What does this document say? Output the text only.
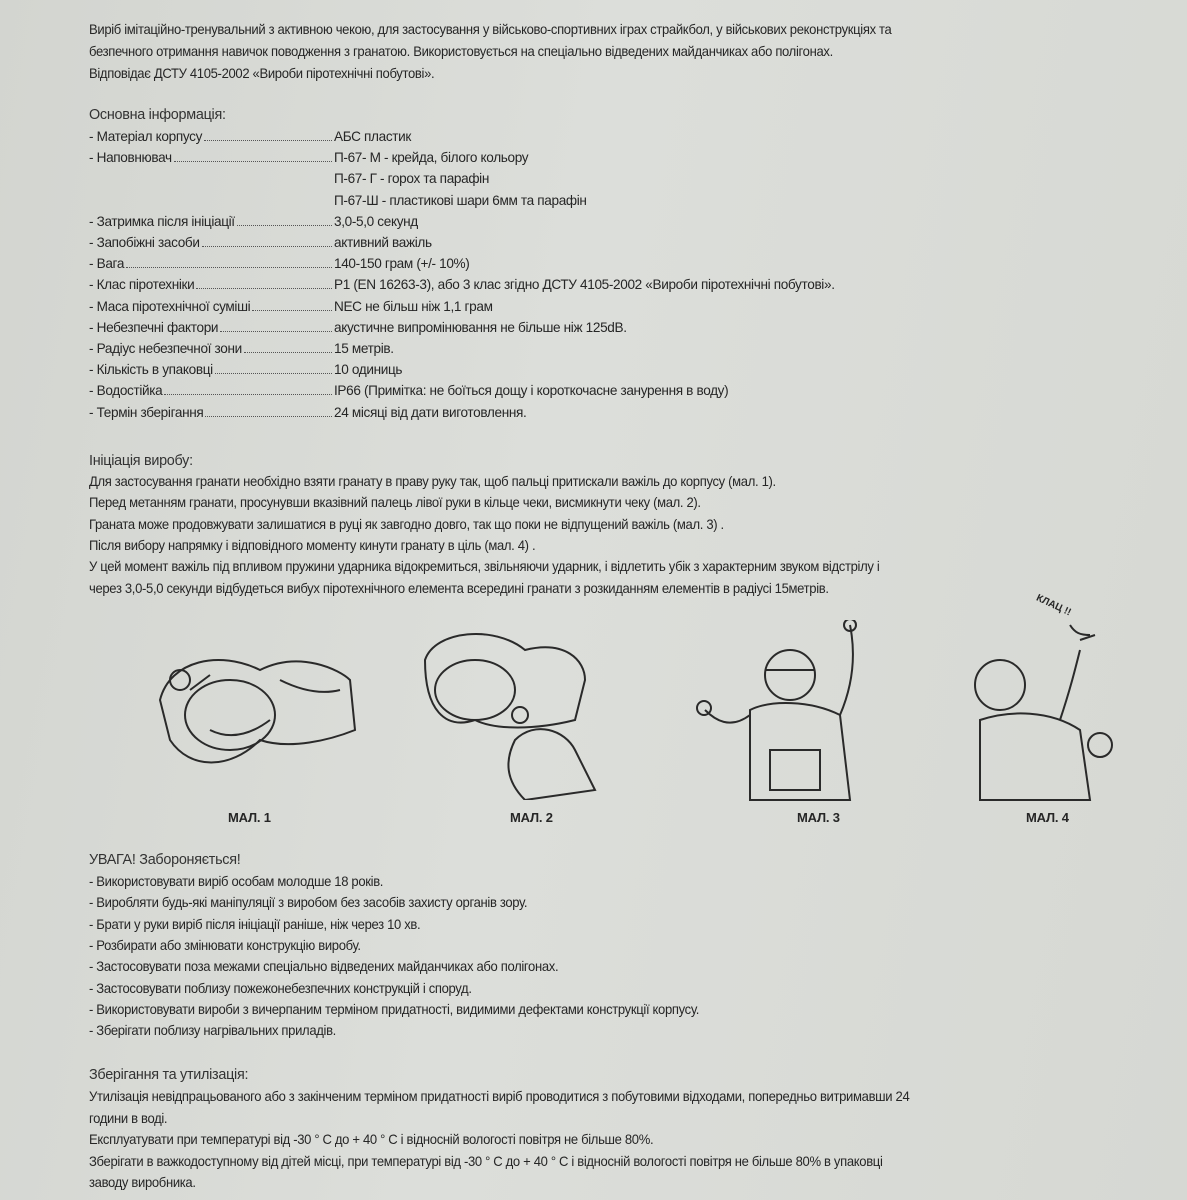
Виріб імітаційно-тренувальний з активною чекою, для застосування у військово-спортивних іграх страйкбол, у військових реконструкціях та
безпечного отримання навичок поводження з гранатою. Використовується на спеціально відведених майданчиках або полігонах.
Відповідає ДСТУ 4105-2002 «Вироби піротехнічні побутові».
Основна інформація:
- Матеріал корпусу	АБС пластик
- Наповнювач	П-67- М - крейда, білого кольору
П-67- Г - горох та парафін
П-67-Ш - пластикові шари 6мм та парафін
- Затримка після ініціації	3,0-5,0 секунд
- Запобіжні засоби	активний важіль
- Вага	140-150 грам (+/- 10%)
- Клас піротехніки	P1 (EN 16263-3), або 3 клас згідно ДСТУ 4105-2002 «Вироби піротехнічні побутові».
- Маса піротехнічної суміші	NEC не більш ніж 1,1 грам
- Небезпечні фактори	акустичне випромінювання не більше ніж 125dB.
- Радіус небезпечної зони	15 метрів.
- Кількість в упаковці	10 одиниць
- Водостійка	IP66 (Примітка: не боїться дощу і короткочасне занурення в воду)
- Термін зберігання	24 місяці від дати виготовлення.
Ініціація виробу:
Для застосування гранати необхідно взяти гранату в праву руку так, щоб пальці притискали важіль до корпусу (мал. 1).
Перед метанням гранати, просунувши вказівний палець лівої руки в кільце чеки, висмикнути чеку (мал. 2).
Граната може продовжувати залишатися в руці як завгодно довго, так що поки не відпущений важіль (мал. 3) .
Після вибору напрямку і відповідного моменту кинути гранату в ціль (мал. 4) .
У цей момент важіль під впливом пружини ударника відокремиться, звільняючи ударник, і відлетить убік з характерним звуком відстрілу і
через 3,0-5,0 секунди відбудеться вибух піротехнічного елемента всередині гранати з розкиданням елементів в радіусі 15метрів.
КЛАЦ !!
МАЛ. 1	МАЛ. 2	МАЛ. 3	МАЛ. 4
УВАГА! Забороняється!
- Використовувати виріб особам молодше 18 років.
- Виробляти будь-які маніпуляції з виробом без засобів захисту органів зору.
- Брати у руки виріб після ініціації раніше, ніж через 10 хв.
- Розбирати або змінювати конструкцію виробу.
- Застосовувати поза межами спеціально відведених майданчиках або полігонах.
- Застосовувати поблизу пожежонебезпечних конструкцій і споруд.
- Використовувати вироби з вичерпаним терміном придатності, видимими дефектами конструкції корпусу.
- Зберігати поблизу нагрівальних приладів.
Зберігання та утилізація:
Утилізація невідпрацьованого або з закінченим терміном придатності виріб проводитися з побутовими відходами, попередньо витримавши 24
години в воді.
Експлуатувати при температурі від -30 ° C до + 40 ° C і відносній вологості повітря не більше 80%.
Зберігати в важкодоступному від дітей місці, при температурі від -30 ° C до + 40 ° C і відносній вологості повітря не більше 80% в упаковці
заводу виробника.
